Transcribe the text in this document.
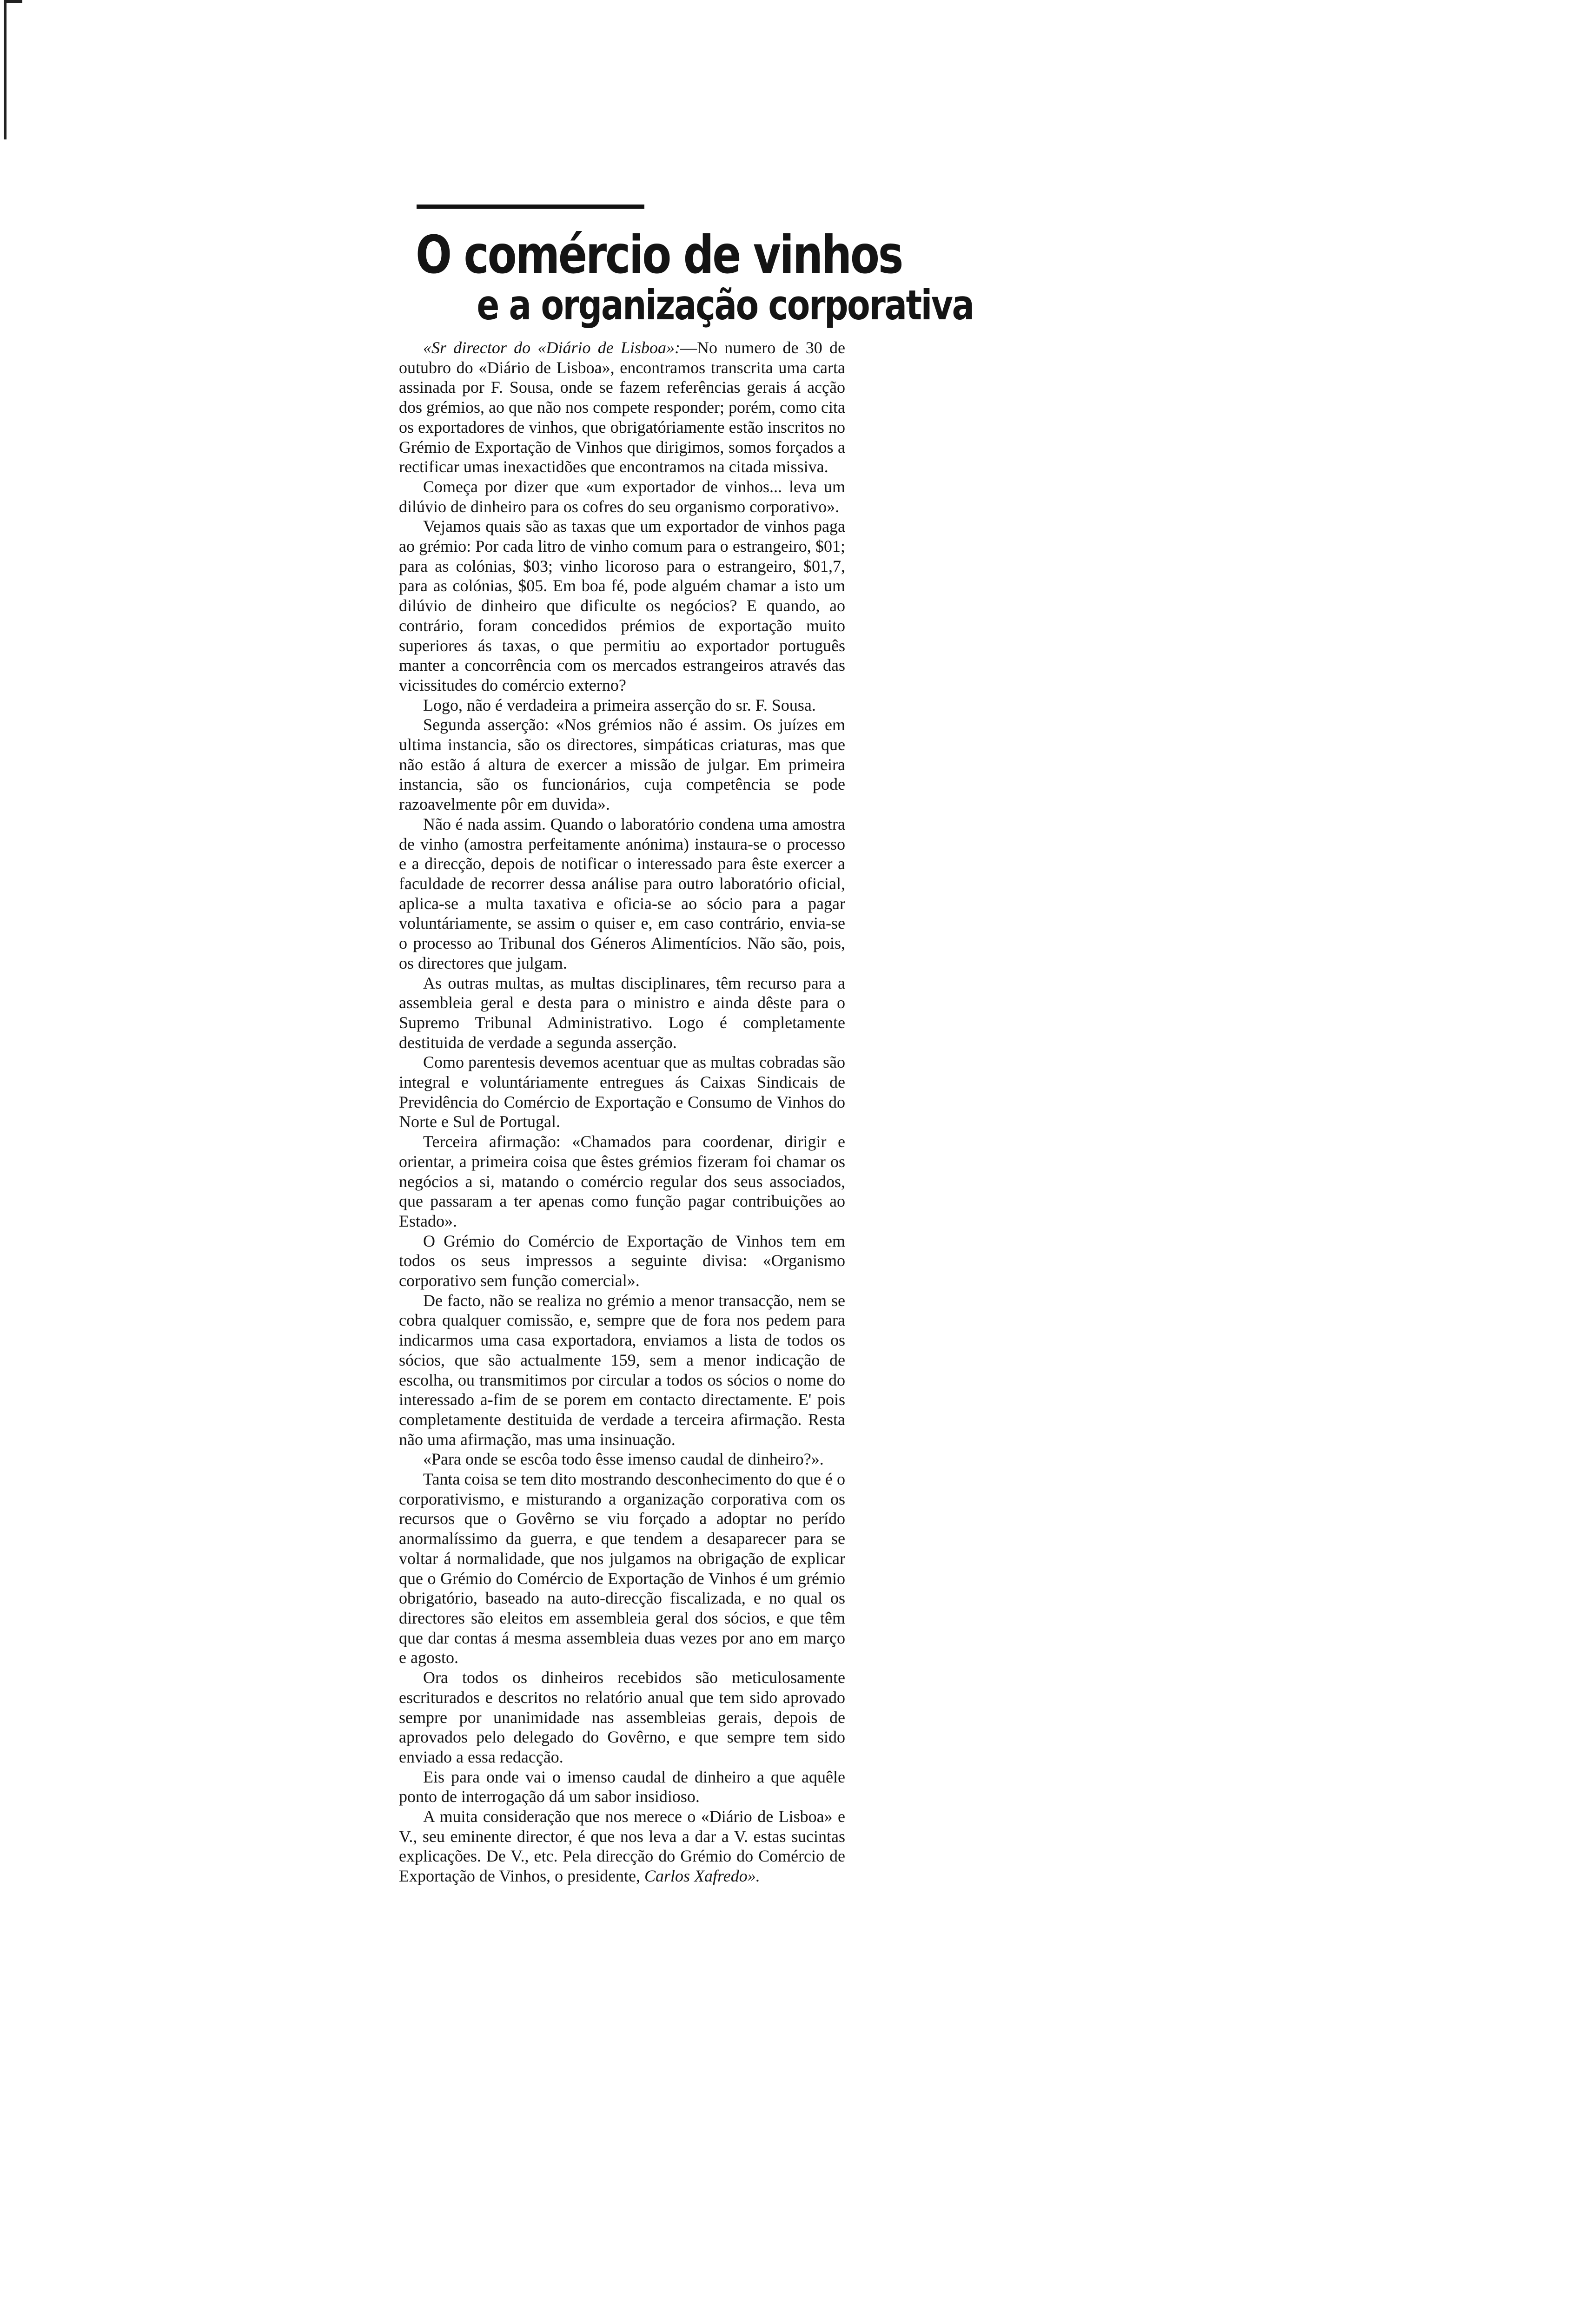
O comércio de vinhos
e a organização corporativa

«Sr director do «Diário de Lisboa»:—No numero de 30 de outubro do «Diário de Lisboa», encontramos transcrita uma carta assinada por F. Sousa, onde se fazem referências gerais á acção dos grémios, ao que não nos compete responder; porém, como cita os exportadores de vinhos, que obrigatóriamente estão inscritos no Grémio de Exportação de Vinhos que dirigimos, somos forçados a rectificar umas inexactidões que encontramos na citada missiva.

Começa por dizer que «um exportador de vinhos... leva um dilúvio de dinheiro para os cofres do seu organismo corporativo».

Vejamos quais são as taxas que um exportador de vinhos paga ao grémio: Por cada litro de vinho comum para o estrangeiro, $01; para as colónias, $03; vinho licoroso para o estrangeiro, $01,7, para as colónias, $05. Em boa fé, pode alguém chamar a isto um dilúvio de dinheiro que dificulte os negócios? E quando, ao contrário, foram concedidos prémios de exportação muito superiores ás taxas, o que permitiu ao exportador português manter a concorrência com os mercados estrangeiros através das vicissitudes do comércio externo?

Logo, não é verdadeira a primeira asserção do sr. F. Sousa.

Segunda asserção: «Nos grémios não é assim. Os juízes em ultima instancia, são os directores, simpáticas criaturas, mas que não estão á altura de exercer a missão de julgar. Em primeira instancia, são os funcionários, cuja competência se pode razoavelmente pôr em duvida».

Não é nada assim. Quando o laboratório condena uma amostra de vinho (amostra perfeitamente anónima) instaura-se o processo e a direcção, depois de notificar o interessado para êste exercer a faculdade de recorrer dessa análise para outro laboratório oficial, aplica-se a multa taxativa e oficia-se ao sócio para a pagar voluntáriamente, se assim o quiser e, em caso contrário, envia-se o processo ao Tribunal dos Géneros Alimentícios. Não são, pois, os directores que julgam.

As outras multas, as multas disciplinares, têm recurso para a assembleia geral e desta para o ministro e ainda dêste para o Supremo Tribunal Administrativo. Logo é completamente destituida de verdade a segunda asserção.

Como parentesis devemos acentuar que as multas cobradas são integral e voluntáriamente entregues ás Caixas Sindicais de Previdência do Comércio de Exportação e Consumo de Vinhos do Norte e Sul de Portugal.

Terceira afirmação: «Chamados para coordenar, dirigir e orientar, a primeira coisa que êstes grémios fizeram foi chamar os negócios a si, matando o comércio regular dos seus associados, que passaram a ter apenas como função pagar contribuições ao Estado».

O Grémio do Comércio de Exportação de Vinhos tem em todos os seus impressos a seguinte divisa: «Organismo corporativo sem função comercial».

De facto, não se realiza no grémio a menor transacção, nem se cobra qualquer comissão, e, sempre que de fora nos pedem para indicarmos uma casa exportadora, enviamos a lista de todos os sócios, que são actualmente 159, sem a menor indicação de escolha, ou transmitimos por circular a todos os sócios o nome do interessado a-fim de se porem em contacto directamente. E' pois completamente destituida de verdade a terceira afirmação. Resta não uma afirmação, mas uma insinuação.

«Para onde se escôa todo êsse imenso caudal de dinheiro?».

Tanta coisa se tem dito mostrando desconhecimento do que é o corporativismo, e misturando a organização corporativa com os recursos que o Govêrno se viu forçado a adoptar no perído anormalíssimo da guerra, e que tendem a desaparecer para se voltar á normalidade, que nos julgamos na obrigação de explicar que o Grémio do Comércio de Exportação de Vinhos é um grémio obrigatório, baseado na auto-direcção fiscalizada, e no qual os directores são eleitos em assembleia geral dos sócios, e que têm que dar contas á mesma assembleia duas vezes por ano em março e agosto.

Ora todos os dinheiros recebidos são meticulosamente escriturados e descritos no relatório anual que tem sido aprovado sempre por unanimidade nas assembleias gerais, depois de aprovados pelo delegado do Govêrno, e que sempre tem sido enviado a essa redacção.

Eis para onde vai o imenso caudal de dinheiro a que aquêle ponto de interrogação dá um sabor insidioso.

A muita consideração que nos merece o «Diário de Lisboa» e V., seu eminente director, é que nos leva a dar a V. estas sucintas explicações. De V., etc. Pela direcção do Grémio do Comércio de Exportação de Vinhos, o presidente, Carlos Xafredo».
